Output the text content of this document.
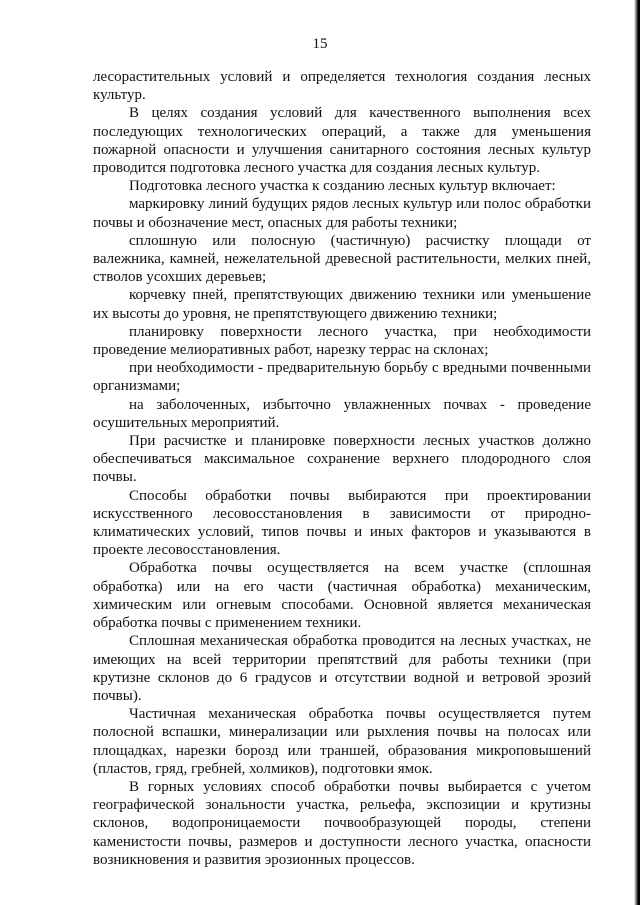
15

лесорастительных условий и определяется технология создания лесных культур.

В целях создания условий для качественного выполнения всех последующих технологических операций, а также для уменьшения пожарной опасности и улучшения санитарного состояния лесных культур проводится подготовка лесного участка для создания лесных культур.

Подготовка лесного участка к созданию лесных культур включает:

маркировку линий будущих рядов лесных культур или полос обработки почвы и обозначение мест, опасных для работы техники;

сплошную или полосную (частичную) расчистку площади от валежника, камней, нежелательной древесной растительности, мелких пней, стволов усохших деревьев;

корчевку пней, препятствующих движению техники или уменьшение их высоты до уровня, не препятствующего движению техники;

планировку поверхности лесного участка, при необходимости проведение мелиоративных работ, нарезку террас на склонах;

при необходимости - предварительную борьбу с вредными почвенными организмами;

на заболоченных, избыточно увлажненных почвах - проведение осушительных мероприятий.

При расчистке и планировке поверхности лесных участков должно обеспечиваться максимальное сохранение верхнего плодородного слоя почвы.

Способы обработки почвы выбираются при проектировании искусственного лесовосстановления в зависимости от природно-климатических условий, типов почвы и иных факторов и указываются в проекте лесовосстановления.

Обработка почвы осуществляется на всем участке (сплошная обработка) или на его части (частичная обработка) механическим, химическим или огневым способами. Основной является механическая обработка почвы с применением техники.

Сплошная механическая обработка проводится на лесных участках, не имеющих на всей территории препятствий для работы техники (при крутизне склонов до 6 градусов и отсутствии водной и ветровой эрозий почвы).

Частичная механическая обработка почвы осуществляется путем полосной вспашки, минерализации или рыхления почвы на полосах или площадках, нарезки борозд или траншей, образования микроповышений (пластов, гряд, гребней, холмиков), подготовки ямок.

В горных условиях способ обработки почвы выбирается с учетом географической зональности участка, рельефа, экспозиции и крутизны склонов, водопроницаемости почвообразующей породы, степени каменистости почвы, размеров и доступности лесного участка, опасности возникновения и развития эрозионных процессов.
